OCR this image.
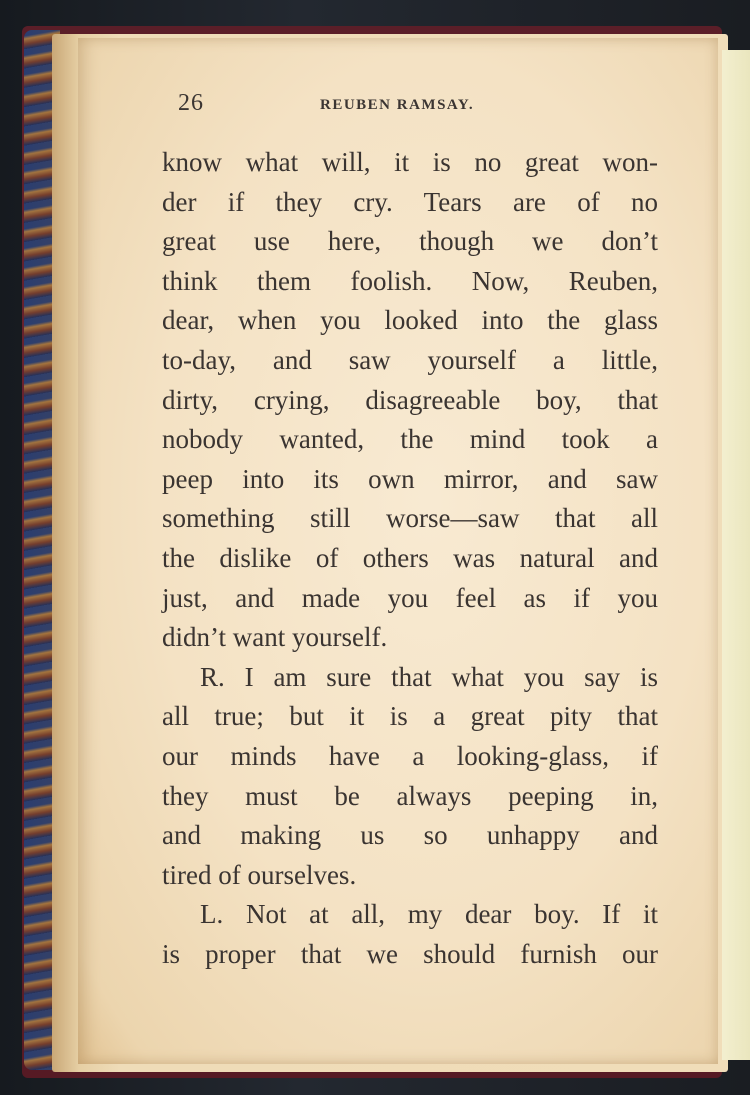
26	REUBEN RAMSAY.
know what will, it is no great won-
der if they cry. Tears are of no
great use here, though we don’t
think them foolish. Now, Reuben,
dear, when you looked into the glass
to-day, and saw yourself a little,
dirty, crying, disagreeable boy, that
nobody wanted, the mind took a
peep into its own mirror, and saw
something still worse—saw that all
the dislike of others was natural and
just, and made you feel as if you
didn’t want yourself.
R. I am sure that what you say is
all true; but it is a great pity that
our minds have a looking-glass, if
they must be always peeping in,
and making us so unhappy and
tired of ourselves.
L. Not at all, my dear boy. If it
is proper that we should furnish our
